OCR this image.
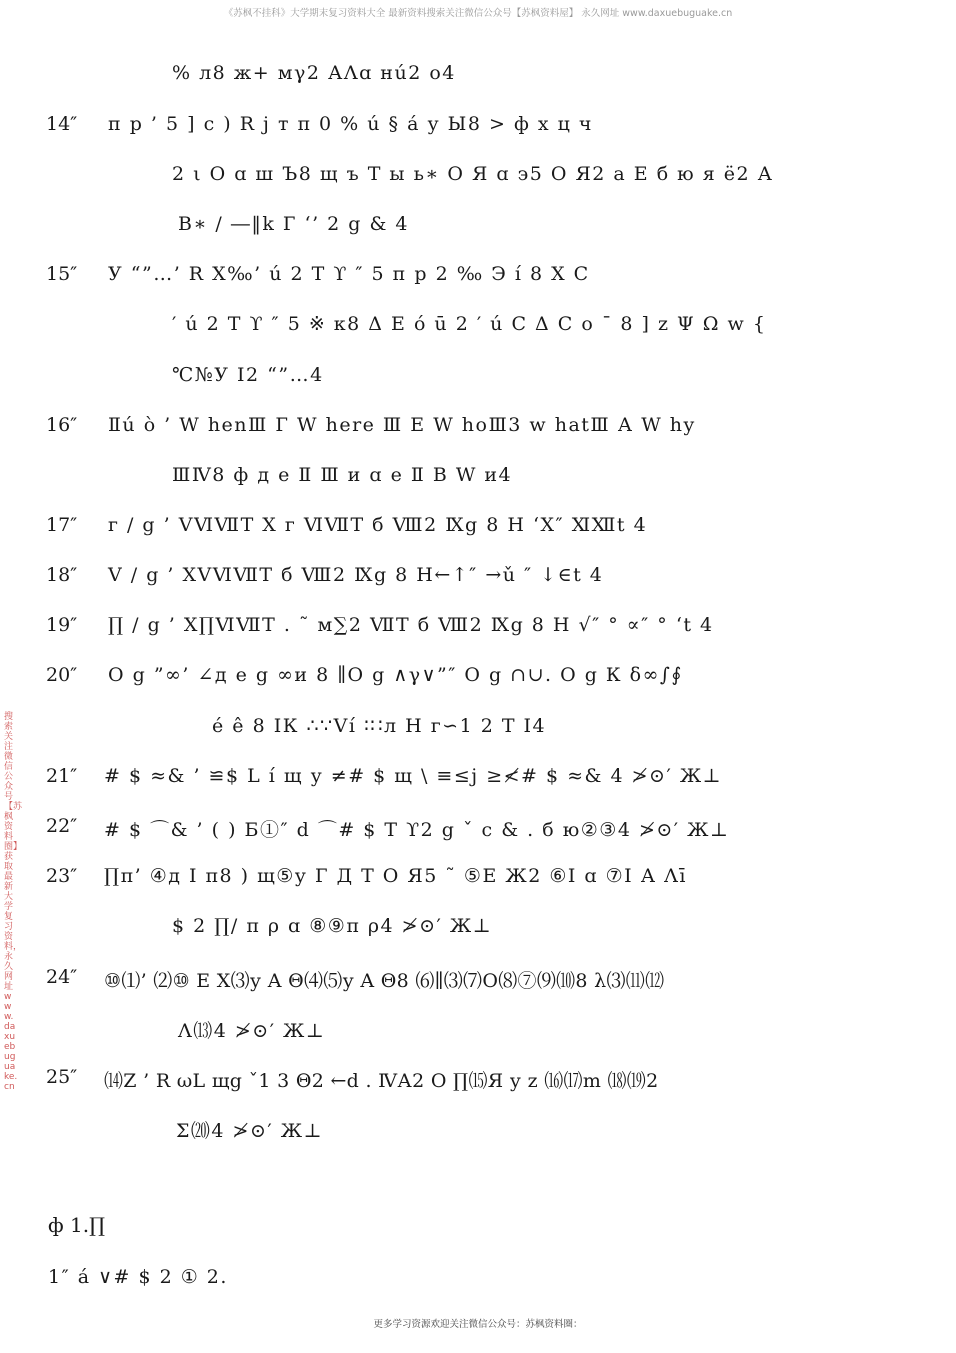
《苏枫不挂科》大学期末复习资料大全 最新资料搜索关注微信公众号【苏枫资料屋】 永久网址 www.daxuebuguake.cn
搜索关注微信公众号【苏枫资料圈】获取最新大学复习资料，永久网址www.daxuebuguake.cn
% л8 ж+ мγ2 АΛɑ нú2 о4
14″ п р ’ 5 ] с ) R j т π 0 % ú § á у Ы8 > ф х ц ч
2 ι О ɑ ш Ъ8 щ ъ Т ы ь∗ О Я ɑ э5 О Я2 а Е б ю я ё2 А
В∗ / ―‖k Г ‘’ 2 g & 4
15″ У “”…’ R Χ‰’ ú 2 Т ϒ ″ 5 п р 2 ‰ Э í 8 Χ С
′ ú 2 Т ϒ ″ 5 ※ к8 Δ Е ó ū 2 ′ ú С Δ С о ¯ 8 ] z Ψ Ω w {
℃№У Ⅰ2 “”…4
16″ Ⅱú ò ’ W henⅢ Г W here Ⅲ Е W hoⅢ3 w hatⅢ А W hy
ⅢⅣ8 ф д е Ⅱ Ⅲ и ɑ е Ⅱ В W и4
17″ г / g ’ ⅤⅥⅦТ Х г ⅥⅦТ б Ⅷ2 Ⅸg 8 Н ‘Χ″ ⅪⅫt 4
18″ V / g ’ ⅩⅤⅥⅦТ б Ⅷ2 Ⅸg 8 Н←↑″ →ǔ ″ ↓∈t 4
19″ ∏ / g ’ Χ∏ⅥⅦТ . ˜ м∑2 ⅦТ б Ⅷ2 Ⅸg 8 Н √″ ° ∝″ ° ‘t 4
20″ О g ”∞’ ∠д е g ∞и 8 ∥О g ∧γ∨”″ О g ∩∪. О g К δ∞∫∮
é ê 8 ⅠК ∴∵Ví ∶∷л Н г∽1 2 Т Ⅰ4
21″ # $ ≈& ’ ≌$ L í щ у ≠# $ щ \ ≡≤j ≥≮# $ ≈& 4 ≯⊙′ Ж⊥
22″ # $ ⌒& ’ ( ) Б①″ d ⌒# $ Т ϒ2 g ˇ с & . б ю②③4 ≯⊙′ Ж⊥
23″ ∏π’ ④д Ⅰ π8 ) щ⑤у Г Д Т О Я5 ˜ ⑤Е Ж2 ⑥Ⅰ ɑ ⑦Ⅰ А Λī
$ 2 ∏/ π ρ ɑ ⑧⑨π ρ4 ≯⊙′ Ж⊥
24″ ⑩⑴’ ⑵⑩ E Χ⑶у A Θ⑷⑸у A Θ8 ⑹∥⑶⑺О⑻⑦⑼⑽8 λ⑶⑾⑿
Λ⒀4 ≯⊙′ Ж⊥
25″ ⒁Z ’ R ωL щg ˇ1 3 Θ2 ←d . ⅣА2 О ∏⒂Я у z ⒃⒄m ⒅⒆2
Σ⒇4 ≯⊙′ Ж⊥
ф 1.∏
1″ á ∨# $ 2 ① 2.
更多学习资源欢迎关注微信公众号：苏枫资料圈：
